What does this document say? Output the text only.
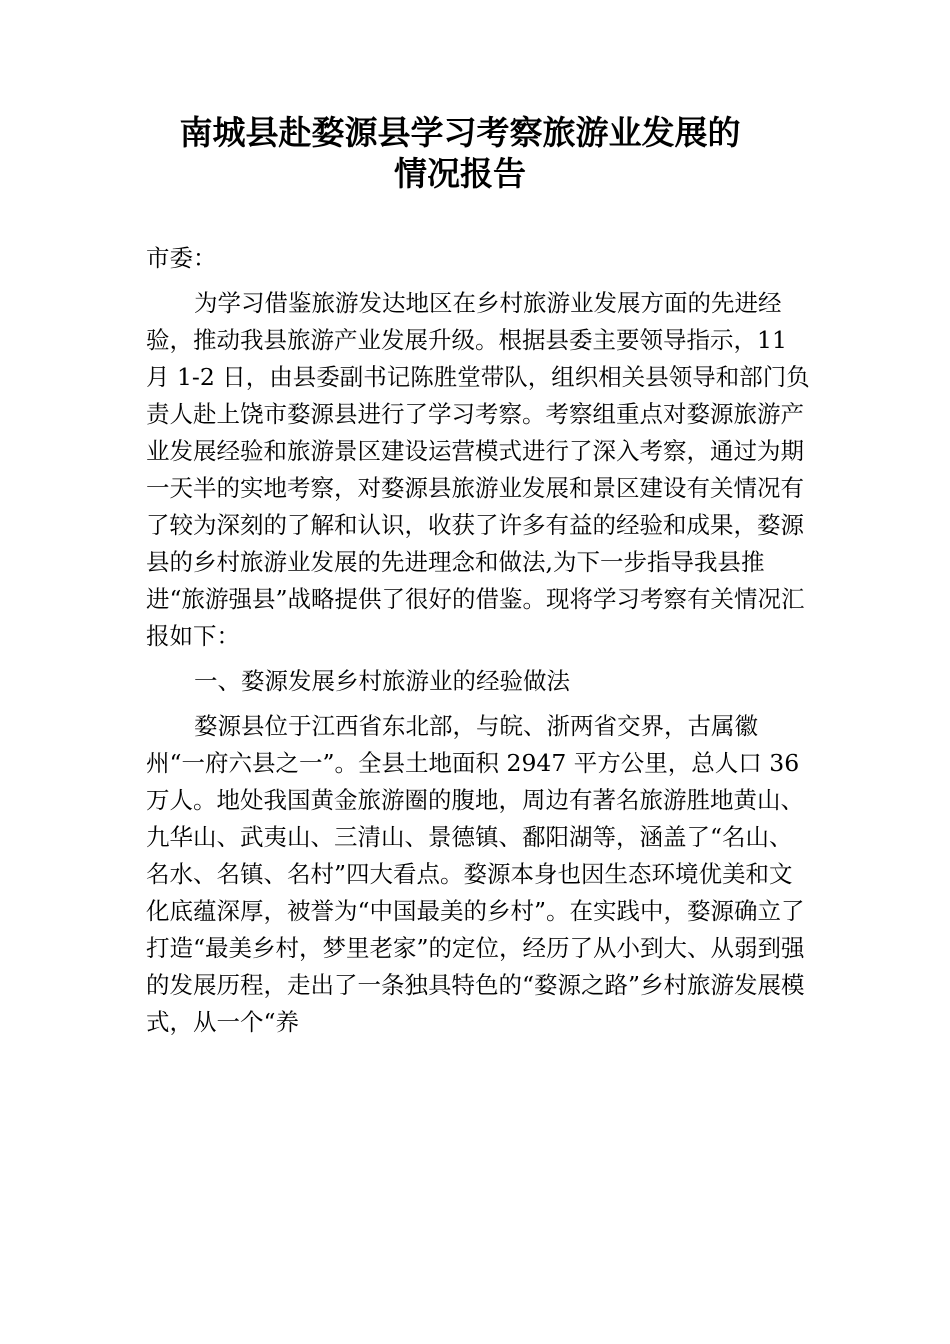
南城县赴婺源县学习考察旅游业发展的
情况报告

市委：

为学习借鉴旅游发达地区在乡村旅游业发展方面的先进经验，推动我县旅游产业发展升级。根据县委主要领导指示，11 月 1-2 日，由县委副书记陈胜堂带队，组织相关县领导和部门负责人赴上饶市婺源县进行了学习考察。考察组重点对婺源旅游产业发展经验和旅游景区建设运营模式进行了深入考察，通过为期一天半的实地考察，对婺源县旅游业发展和景区建设有关情况有了较为深刻的了解和认识，收获了许多有益的经验和成果，婺源县的乡村旅游业发展的先进理念和做法,为下一步指导我县推进“旅游强县”战略提供了很好的借鉴。现将学习考察有关情况汇报如下：

一、婺源发展乡村旅游业的经验做法

婺源县位于江西省东北部，与皖、浙两省交界，古属徽州“一府六县之一”。全县土地面积 2947 平方公里，总人口 36 万人。地处我国黄金旅游圈的腹地，周边有著名旅游胜地黄山、九华山、武夷山、三清山、景德镇、鄱阳湖等，涵盖了“名山、名水、名镇、名村”四大看点。婺源本身也因生态环境优美和文化底蕴深厚，被誉为“中国最美的乡村”。在实践中，婺源确立了打造“最美乡村，梦里老家”的定位，经历了从小到大、从弱到强的发展历程，走出了一条独具特色的“婺源之路”乡村旅游发展模式，从一个“养
